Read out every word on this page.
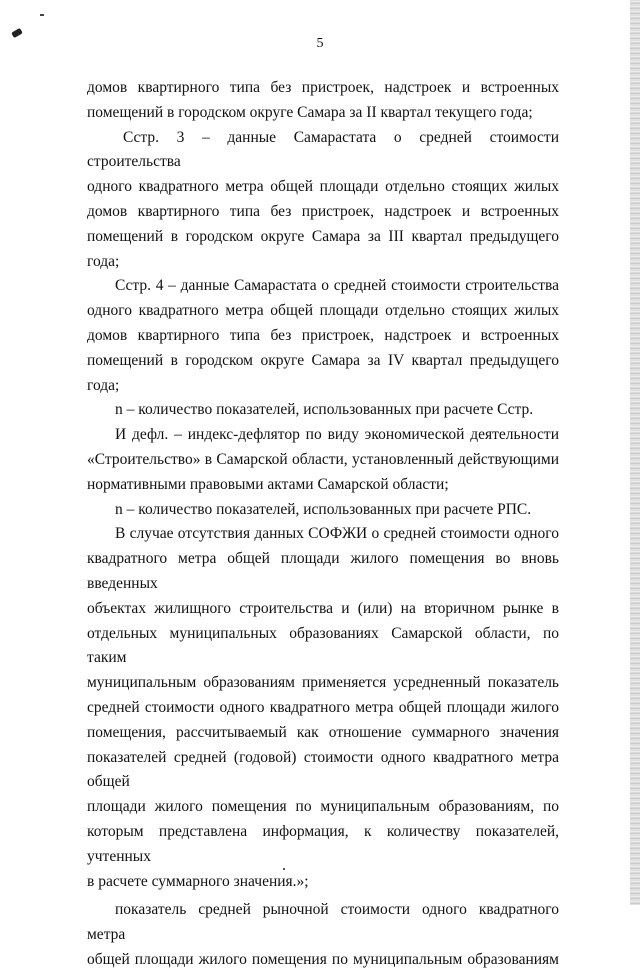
5

домов квартирного типа без пристроек, надстроек и встроенных

помещений в городском округе Самара за II квартал текущего года;

Сстр. 3 – данные Самарастата о средней стоимости строительства

одного квадратного метра общей площади отдельно стоящих жилых

домов квартирного типа без пристроек, надстроек и встроенных

помещений в городском округе Самара за III квартал предыдущего года;

Сстр. 4 – данные Самарастата о средней стоимости строительства

одного квадратного метра общей площади отдельно стоящих жилых

домов квартирного типа без пристроек, надстроек и встроенных

помещений в городском округе Самара за IV квартал предыдущего

года;

n – количество показателей, использованных при расчете Сстр.

И дефл. – индекс-дефлятор по виду экономической деятельности

«Строительство» в Самарской области, установленный действующими

нормативными правовыми актами Самарской области;

n – количество показателей, использованных при расчете РПС.

В случае отсутствия данных СОФЖИ о средней стоимости одного

квадратного метра общей площади жилого помещения во вновь введенных

объектах жилищного строительства и (или) на вторичном рынке в

отдельных муниципальных образованиях Самарской области, по таким

муниципальным образованиям применяется усредненный показатель

средней стоимости одного квадратного метра общей площади жилого

помещения, рассчитываемый как отношение суммарного значения

показателей средней (годовой) стоимости одного квадратного метра общей

площади жилого помещения по муниципальным образованиям, по

которым представлена информация, к количеству показателей, учтенных

в расчете суммарного значения.»;

показатель средней рыночной стоимости одного квадратного метра

общей площади жилого помещения по муниципальным образованиям
